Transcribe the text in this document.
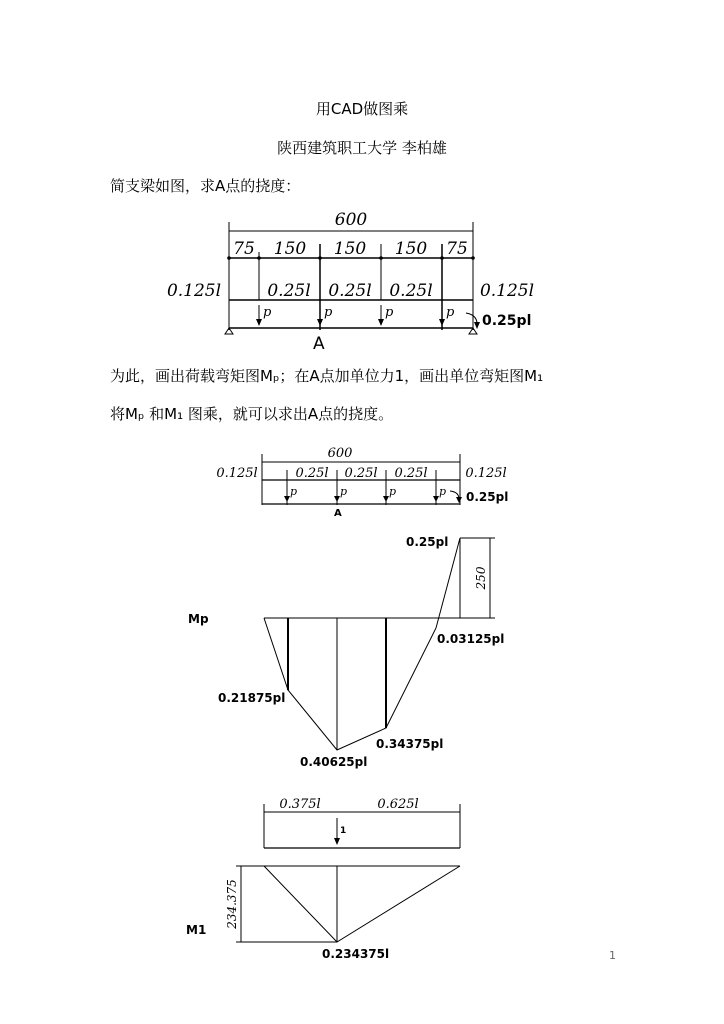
用CAD做图乘
陕西建筑职工大学 李柏雄
简支梁如图，求A点的挠度：
为此，画出荷载弯矩图Mₚ；在A点加单位力1，画出单位弯矩图M₁
将Mₚ 和M₁ 图乘，就可以求出A点的挠度。
1
600
75 150 150 150 75
0.125l	0.25l 0.25l 0.25l	0.125l
p	p	p	p
0.25pl
A
600
0.125l	0.25l 0.25l 0.25l	0.125l
p	p	p	p 0.25pl
A
Mp
0.25pl
250
0.03125pl
0.21875pl
0.34375pl
0.40625pl
0.375l	0.625l
1
234.375
M1
0.234375l
